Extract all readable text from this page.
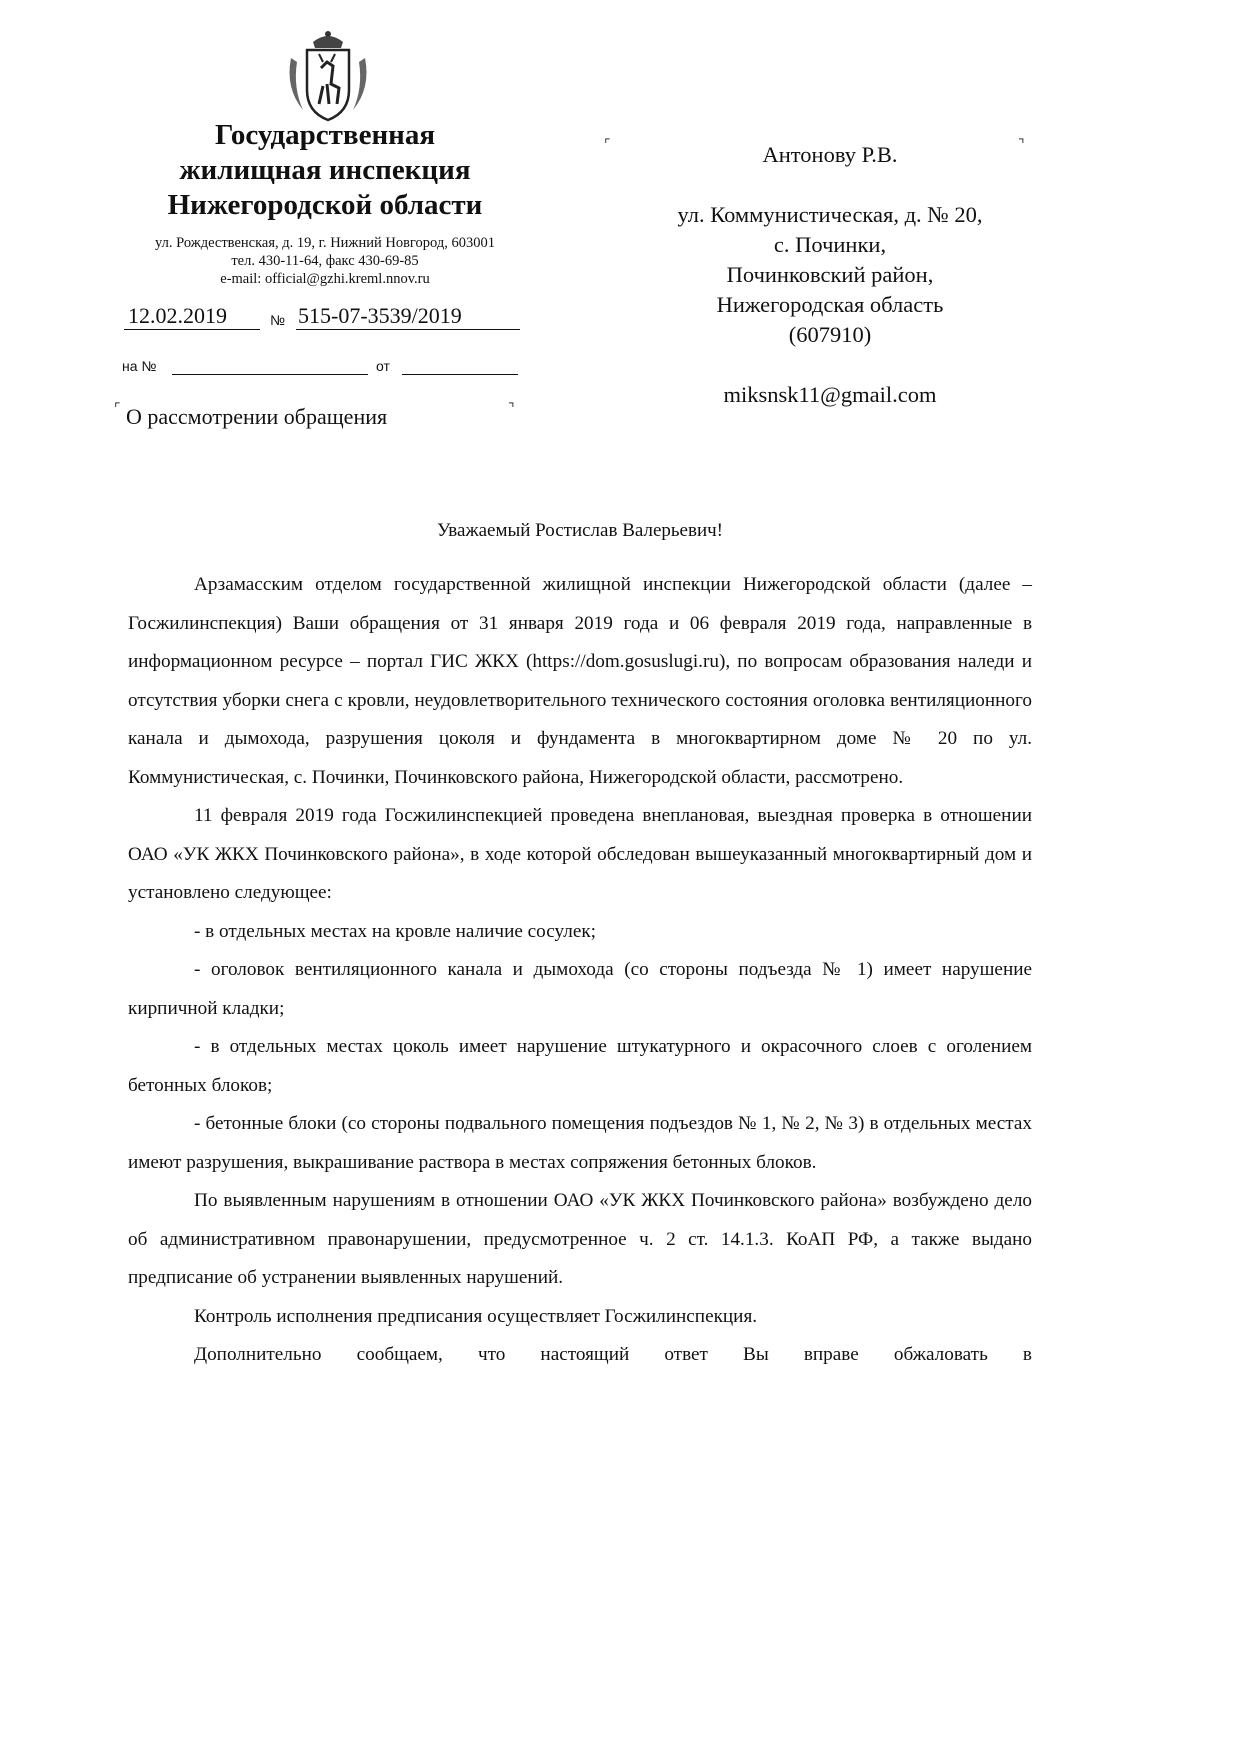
Государственная
жилищная инспекция
Нижегородской области
ул. Рождественская, д. 19, г. Нижний Новгород, 603001
тел. 430-11-64, факс 430-69-85
e-mail: official@gzhi.kreml.nnov.ru
12.02.2019	№ 515-07-3539/2019
на №	от
⌜ О рассмотрении обращения	⌝
⌜	⌝
Антонову Р.В.
ул. Коммунистическая, д. № 20,
с. Починки,
Починковский район,
Нижегородская область
(607910)
miksnsk11@gmail.com
Уважаемый Ростислав Валерьевич!

Арзамасским отделом государственной жилищной инспекции Нижегородской области (далее – Госжилинспекция) Ваши обращения от 31 января 2019 года и 06 февраля 2019 года, направленные в информационном ресурсе – портал ГИС ЖКХ (https://dom.gosuslugi.ru), по вопросам образования наледи и отсутствия уборки снега с кровли, неудовлетворительного технического состояния оголовка вентиляционного канала и дымохода, разрушения цоколя и фундамента в многоквартирном доме № 20 по ул. Коммунистическая, с. Починки, Починковского района, Нижегородской области, рассмотрено.

11 февраля 2019 года Госжилинспекцией проведена внеплановая, выездная проверка в отношении ОАО «УК ЖКХ Починковского района», в ходе которой обследован вышеуказанный многоквартирный дом и установлено следующее:

- в отдельных местах на кровле наличие сосулек;

- оголовок вентиляционного канала и дымохода (со стороны подъезда № 1) имеет нарушение кирпичной кладки;

- в отдельных местах цоколь имеет нарушение штукатурного и окрасочного слоев с оголением бетонных блоков;

- бетонные блоки (со стороны подвального помещения подъездов № 1, № 2, № 3) в отдельных местах имеют разрушения, выкрашивание раствора в местах сопряжения бетонных блоков.

По выявленным нарушениям в отношении ОАО «УК ЖКХ Починковского района» возбуждено дело об административном правонарушении, предусмотренное ч. 2 ст. 14.1.3. КоАП РФ, а также выдано предписание об устранении выявленных нарушений.

Контроль исполнения предписания осуществляет Госжилинспекция.

Дополнительно сообщаем, что настоящий ответ Вы вправе обжаловать в
